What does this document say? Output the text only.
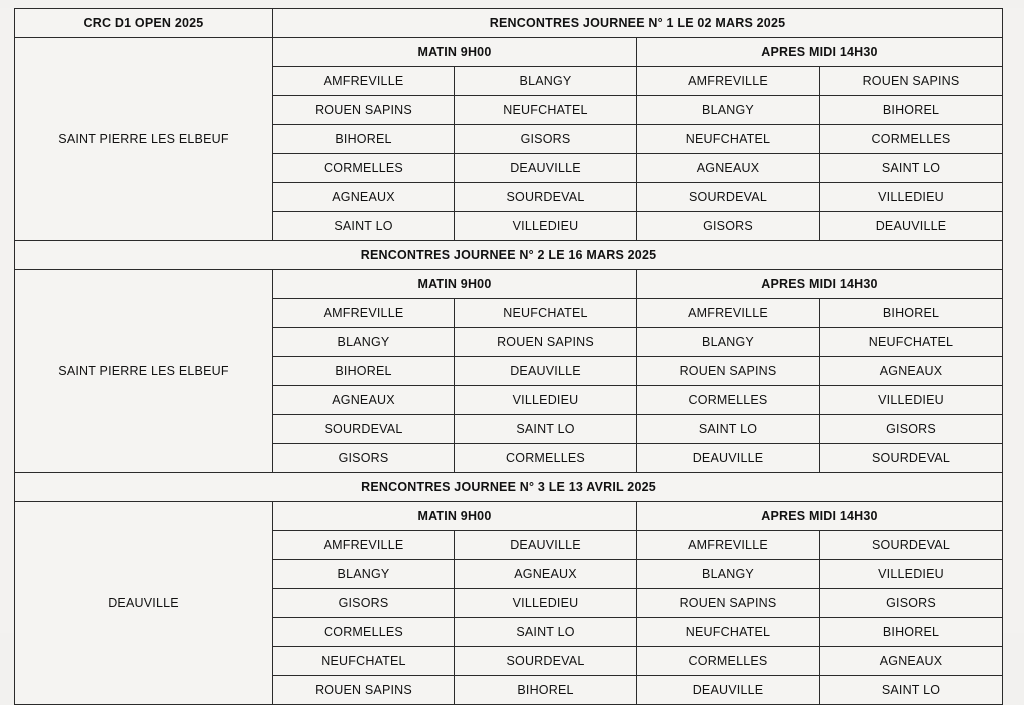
CRC D1 OPEN 2025	RENCONTRES JOURNEE N° 1 LE 02 MARS 2025			
SAINT PIERRE LES ELBEUF	MATIN 9H00		APRES MIDI 14H30	
	AMFREVILLE	BLANGY	AMFREVILLE	ROUEN SAPINS
	ROUEN SAPINS	NEUFCHATEL	BLANGY	BIHOREL
	BIHOREL	GISORS	NEUFCHATEL	CORMELLES
	CORMELLES	DEAUVILLE	AGNEAUX	SAINT LO
	AGNEAUX	SOURDEVAL	SOURDEVAL	VILLEDIEU
	SAINT LO	VILLEDIEU	GISORS	DEAUVILLE
RENCONTRES JOURNEE N° 2 LE 16 MARS 2025				
SAINT PIERRE LES ELBEUF	MATIN 9H00		APRES MIDI 14H30	
	AMFREVILLE	NEUFCHATEL	AMFREVILLE	BIHOREL
	BLANGY	ROUEN SAPINS	BLANGY	NEUFCHATEL
	BIHOREL	DEAUVILLE	ROUEN SAPINS	AGNEAUX
	AGNEAUX	VILLEDIEU	CORMELLES	VILLEDIEU
	SOURDEVAL	SAINT LO	SAINT LO	GISORS
	GISORS	CORMELLES	DEAUVILLE	SOURDEVAL
RENCONTRES JOURNEE N° 3 LE 13 AVRIL 2025				
DEAUVILLE	MATIN 9H00		APRES MIDI 14H30	
	AMFREVILLE	DEAUVILLE	AMFREVILLE	SOURDEVAL
	BLANGY	AGNEAUX	BLANGY	VILLEDIEU
	GISORS	VILLEDIEU	ROUEN SAPINS	GISORS
	CORMELLES	SAINT LO	NEUFCHATEL	BIHOREL
	NEUFCHATEL	SOURDEVAL	CORMELLES	AGNEAUX
	ROUEN SAPINS	BIHOREL	DEAUVILLE	SAINT LO
